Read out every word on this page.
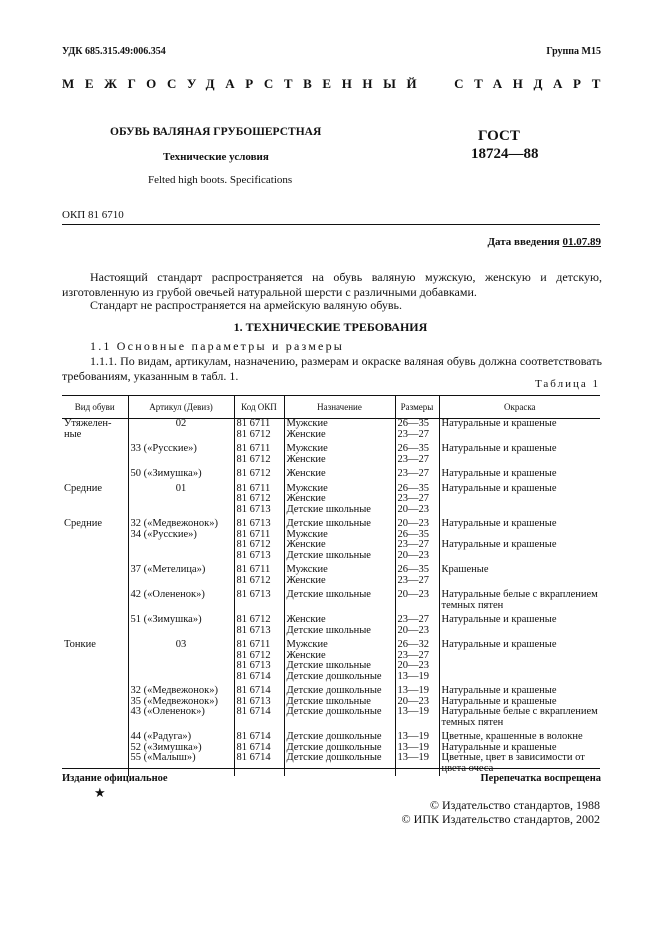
УДК 685.315.49:006.354	Группа М15
МЕЖГОСУДАРСТВЕННЫЙ СТАНДАРТ
ОБУВЬ ВАЛЯНАЯ ГРУБОШЕРСТНАЯ
Технические условия
Felted high boots. Specifications
ГОСТ
18724—88
ОКП 81 6710
Дата введения 01.07.89

Настоящий стандарт распространяется на обувь валяную мужскую, женскую и детскую, изготовленную из грубой овечьей натуральной шерсти с различными добавками.

Стандарт не распространяется на армейскую валяную обувь.

1. ТЕХНИЧЕСКИЕ ТРЕБОВАНИЯ
1.1 Основные параметры и размеры

1.1.1. По видам, артикулам, назначению, размерам и окраске валяная обувь должна соответствовать требованиям, указанным в табл. 1.

Таблица 1
Вид обуви	Артикул (Девиз)	Код ОКП	Назначение	Размеры	Окраска
Утяжелен-	02	81 6711	Мужские	26—35	Натуральные и крашеные
ные		81 6712	Женские	23—27	
	33 («Русские»)	81 6711	Мужские	26—35	Натуральные и крашеные
		81 6712	Женские	23—27	
	50 («Зимушка»)	81 6712	Женские	23—27	Натуральные и крашеные
Средние	01	81 6711	Мужские	26—35	Натуральные и крашеные
		81 6712	Женские	23—27	
		81 6713	Детские школьные	20—23	
Средние	32 («Медвежонок»)	81 6713	Детские школьные	20—23	Натуральные и крашеные
	34 («Русские»)	81 6711	Мужские	26—35	
		81 6712	Женские	23—27	Натуральные и крашеные
		81 6713	Детские школьные	20—23	
	37 («Метелица»)	81 6711	Мужские	26—35	Крашеные
		81 6712	Женские	23—27	
	42 («Олененок»)	81 6713	Детские школьные	20—23	Натуральные белые с вкраплением темных пятен
	51 («Зимушка»)	81 6712	Женские	23—27	Натуральные и крашеные
		81 6713	Детские школьные	20—23	
Тонкие	03	81 6711	Мужские	26—32	Натуральные и крашеные
		81 6712	Женские	23—27	
		81 6713	Детские школьные	20—23	
		81 6714	Детские дошкольные	13—19	
	32 («Медвежонок»)	81 6714	Детские дошкольные	13—19	Натуральные и крашеные
	35 («Медвежонок»)	81 6713	Детские школьные	20—23	Натуральные и крашеные
	43 («Олененок»)	81 6714	Детские дошкольные	13—19	Натуральные белые с вкраплением темных пятен
	44 («Радуга»)	81 6714	Детские дошкольные	13—19	Цветные, крашенные в волокне
	52 («Зимушка»)	81 6714	Детские дошкольные	13—19	Натуральные и крашеные
	55 («Малыш»)	81 6714	Детские дошкольные	13—19	Цветные, цвет в зависимости от цвета очеса
Издание официальное
★
Перепечатка воспрещена
© Издательство стандартов, 1988
© ИПК Издательство стандартов, 2002
